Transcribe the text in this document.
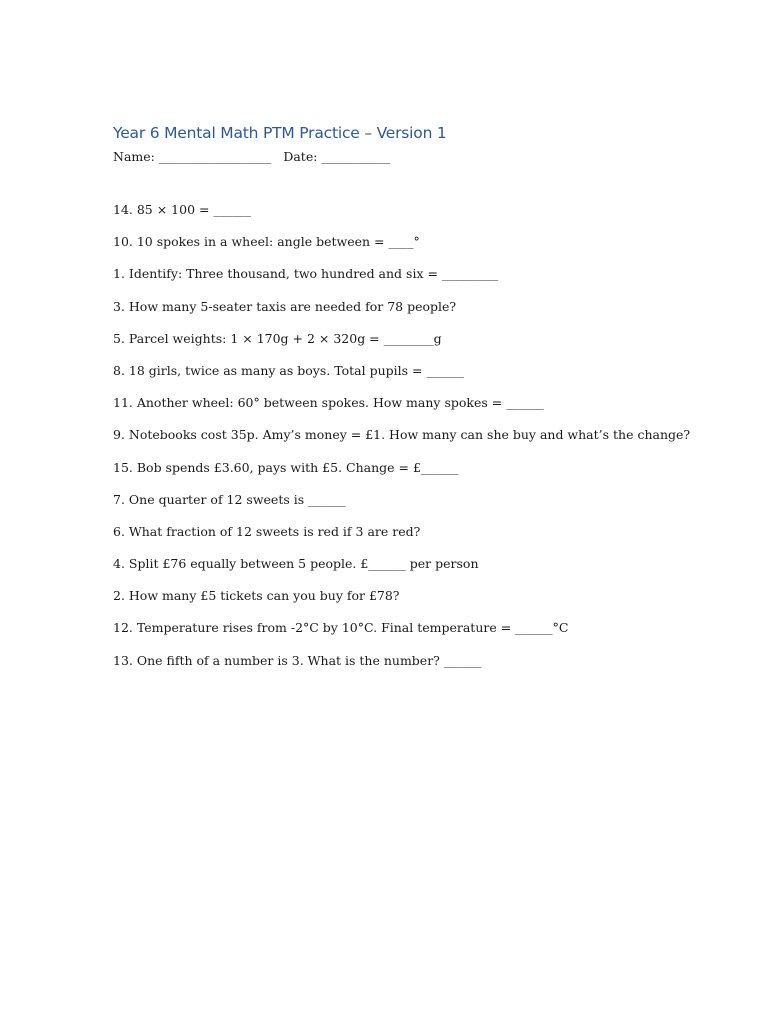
Year 6 Mental Math PTM Practice – Version 1
Name: __________________ Date: ___________
14. 85 × 100 = ______
10. 10 spokes in a wheel: angle between = ____°
1. Identify: Three thousand, two hundred and six = _________
3. How many 5-seater taxis are needed for 78 people?
5. Parcel weights: 1 × 170g + 2 × 320g = ________g
8. 18 girls, twice as many as boys. Total pupils = ______
11. Another wheel: 60° between spokes. How many spokes = ______
9. Notebooks cost 35p. Amy’s money = £1. How many can she buy and what’s the change?
15. Bob spends £3.60, pays with £5. Change = £______
7. One quarter of 12 sweets is ______
6. What fraction of 12 sweets is red if 3 are red?
4. Split £76 equally between 5 people. £______ per person
2. How many £5 tickets can you buy for £78?
12. Temperature rises from -2°C by 10°C. Final temperature = ______°C
13. One fifth of a number is 3. What is the number? ______
